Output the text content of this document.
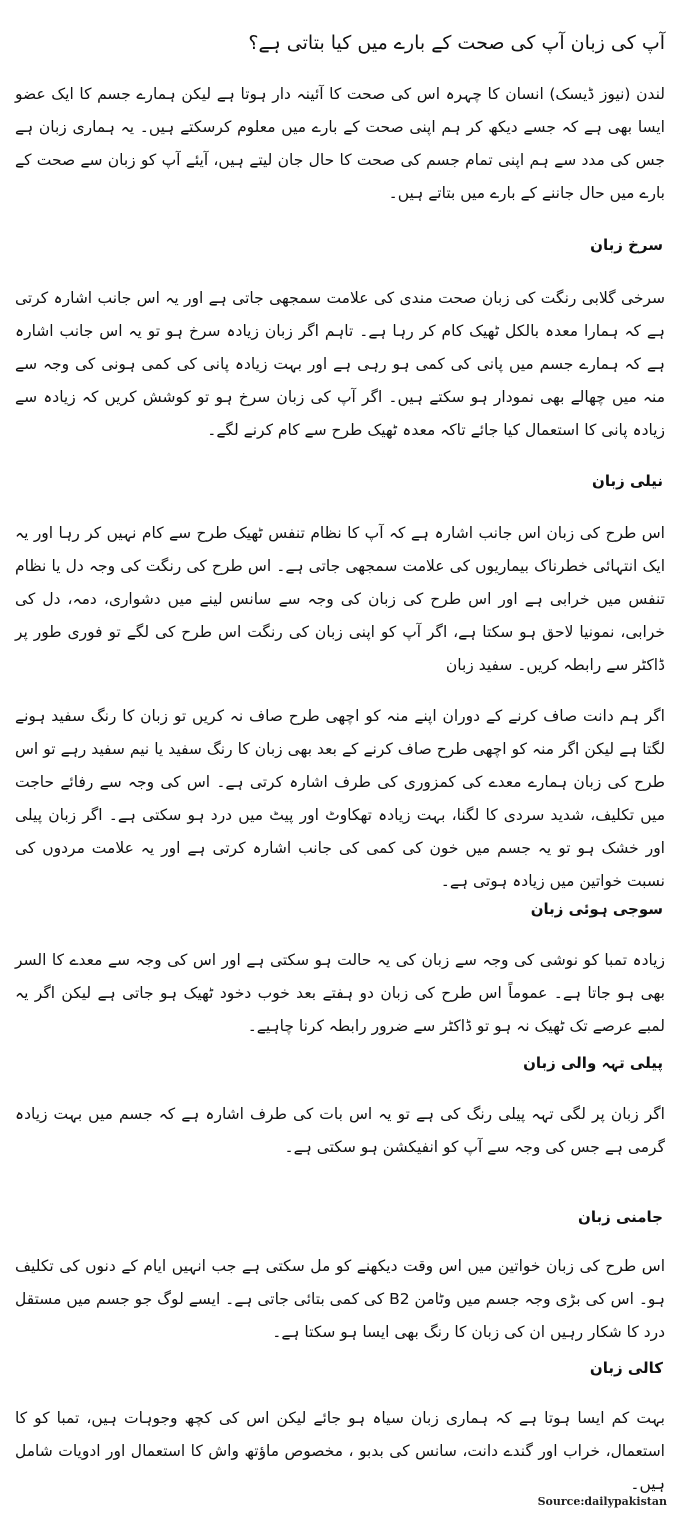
آپ کی زبان آپ کی صحت کے بارے میں کیا بتاتی ہے؟

لندن (نیوز ڈیسک) انسان کا چہرہ اس کی صحت کا آئینہ دار ہوتا ہے لیکن ہمارے جسم کا ایک عضو ایسا بھی ہے کہ جسے دیکھ کر ہم اپنی صحت کے بارے میں معلوم کرسکتے ہیں۔ یہ ہماری زبان ہے جس کی مدد سے ہم اپنی تمام جسم کی صحت کا حال جان لیتے ہیں، آیئے آپ کو زبان سے صحت کے بارے میں حال جاننے کے بارے میں بتاتے ہیں۔

سرخ زبان

سرخی گلابی رنگت کی زبان صحت مندی کی علامت سمجھی جاتی ہے اور یہ اس جانب اشارہ کرتی ہے کہ ہمارا معدہ بالکل ٹھیک کام کر رہا ہے۔ تاہم اگر زبان زیادہ سرخ ہو تو یہ اس جانب اشارہ ہے کہ ہمارے جسم میں پانی کی کمی ہو رہی ہے اور بہت زیادہ پانی کی کمی ہونی کی وجہ سے منہ میں چھالے بھی نمودار ہو سکتے ہیں۔ اگر آپ کی زبان سرخ ہو تو کوشش کریں کہ زیادہ سے زیادہ پانی کا استعمال کیا جائے تاکہ معدہ ٹھیک طرح سے کام کرنے لگے۔

نیلی زبان

اس طرح کی زبان اس جانب اشارہ ہے کہ آپ کا نظام تنفس ٹھیک طرح سے کام نہیں کر رہا اور یہ ایک انتہائی خطرناک بیماریوں کی علامت سمجھی جاتی ہے۔ اس طرح کی رنگت کی وجہ دل یا نظام تنفس میں خرابی ہے اور اس طرح کی زبان کی وجہ سے سانس لینے میں دشواری، دمہ، دل کی خرابی، نمونیا لاحق ہو سکتا ہے، اگر آپ کو اپنی زبان کی رنگت اس طرح کی لگے تو فوری طور پر ڈاکٹر سے رابطہ کریں۔ سفید زبان

اگر ہم دانت صاف کرنے کے دوران اپنے منہ کو اچھی طرح صاف نہ کریں تو زبان کا رنگ سفید ہونے لگتا ہے لیکن اگر منہ کو اچھی طرح صاف کرنے کے بعد بھی زبان کا رنگ سفید یا نیم سفید رہے تو اس طرح کی زبان ہمارے معدے کی کمزوری کی طرف اشارہ کرتی ہے۔ اس کی وجہ سے رفائے حاجت میں تکلیف، شدید سردی کا لگنا، بہت زیادہ تھکاوٹ اور پیٹ میں درد ہو سکتی ہے۔ اگر زبان پیلی اور خشک ہو تو یہ جسم میں خون کی کمی کی جانب اشارہ کرتی ہے اور یہ علامت مردوں کی نسبت خواتین میں زیادہ ہوتی ہے۔

سوجی ہوئی زبان

زیادہ تمبا کو نوشی کی وجہ سے زبان کی یہ حالت ہو سکتی ہے اور اس کی وجہ سے معدے کا السر بھی ہو جاتا ہے۔ عموماً اس طرح کی زبان دو ہفتے بعد خوب دخود ٹھیک ہو جاتی ہے لیکن اگر یہ لمبے عرصے تک ٹھیک نہ ہو تو ڈاکٹر سے ضرور رابطہ کرنا چاہیے۔

پیلی تہہ والی زبان

اگر زبان پر لگی تہہ پیلی رنگ کی ہے تو یہ اس بات کی طرف اشارہ ہے کہ جسم میں بہت زیادہ گرمی ہے جس کی وجہ سے آپ کو انفیکشن ہو سکتی ہے۔

جامنی زبان

اس طرح کی زبان خواتین میں اس وقت دیکھنے کو مل سکتی ہے جب انہیں ایام کے دنوں کی تکلیف ہو۔ اس کی بڑی وجہ جسم میں وٹامن B2 کی کمی بتائی جاتی ہے۔ ایسے لوگ جو جسم میں مستقل درد کا شکار رہیں ان کی زبان کا رنگ بھی ایسا ہو سکتا ہے۔

کالی زبان

بہت کم ایسا ہوتا ہے کہ ہماری زبان سیاہ ہو جائے لیکن اس کی کچھ وجوہات ہیں، تمبا کو کا استعمال، خراب اور گندے دانت، سانس کی بدبو ، مخصوص ماؤتھ واش کا استعمال اور ادویات شامل ہیں۔

Source:dailypakistan
